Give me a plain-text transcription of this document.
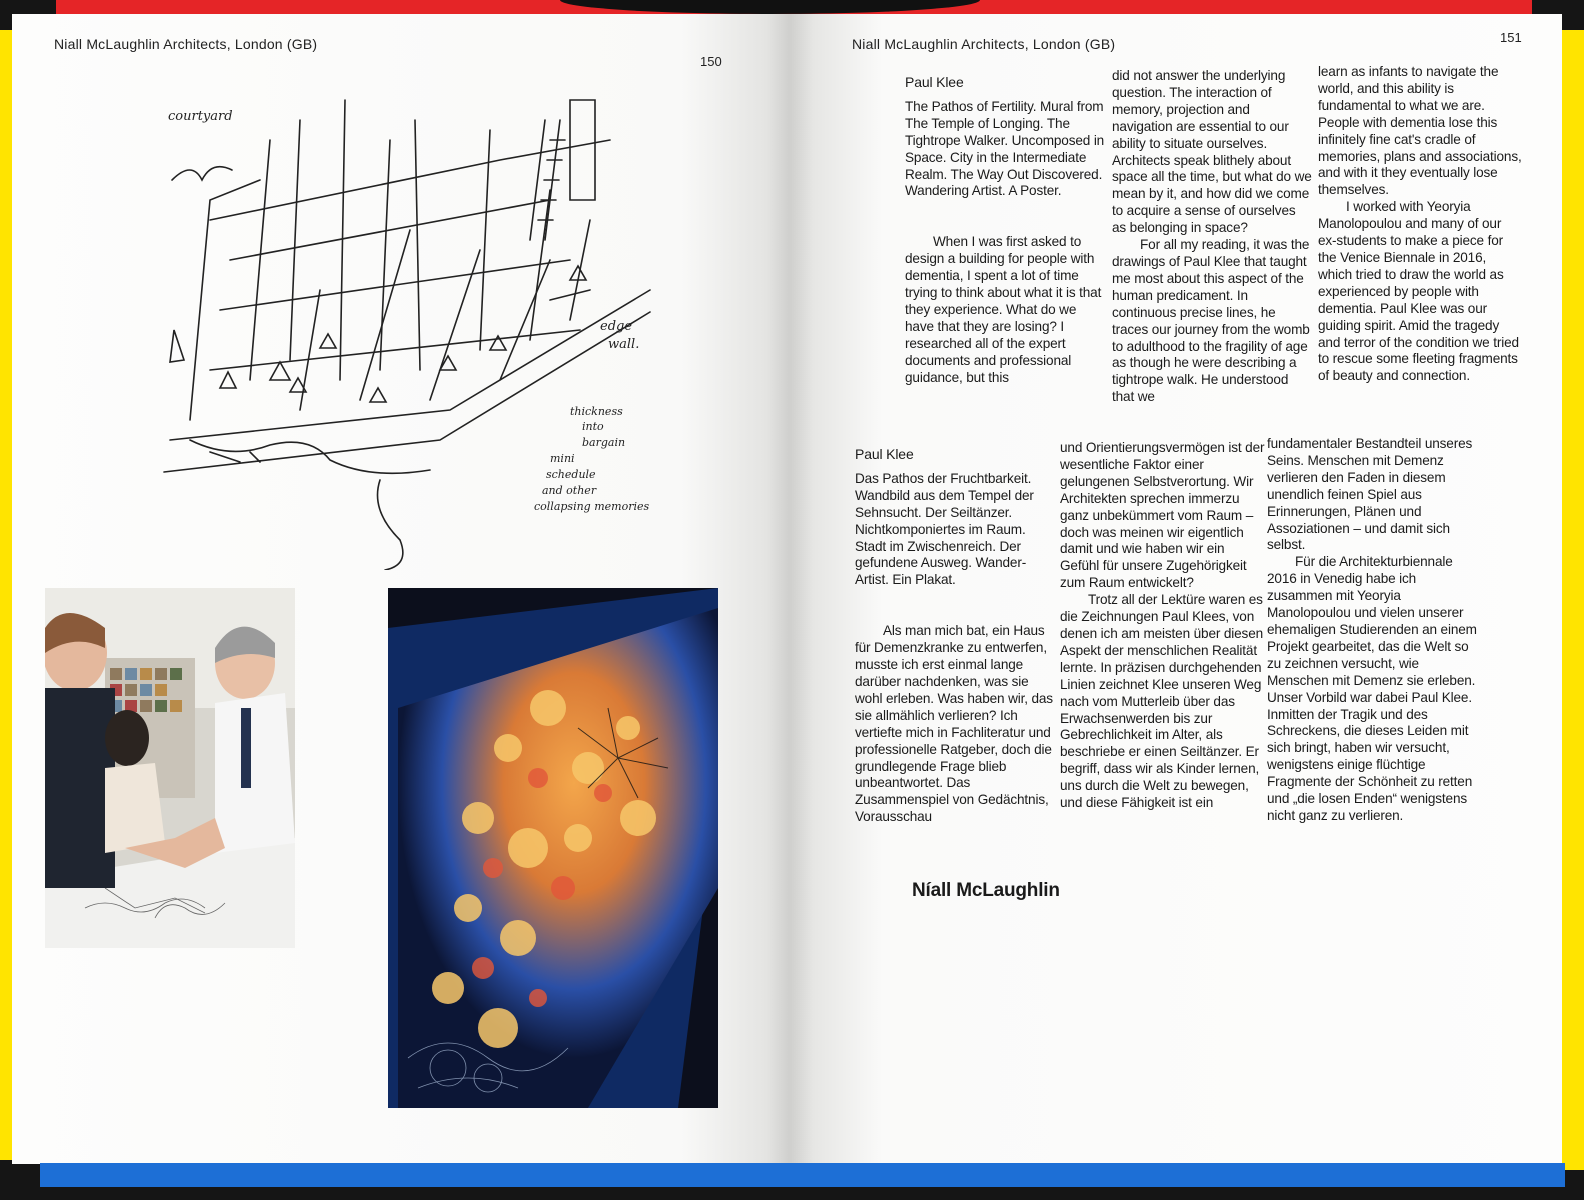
Niall McLaughlin Architects, London (GB)
150
courtyard
edge
wall.
thickness
into
bargain
mini
schedule
and other
collapsing memories
Niall McLaughlin Architects, London (GB)	151

Paul Klee

The Pathos of Fertility. Mural from The Temple of Longing. The Tightrope Walker. Uncomposed in Space. City in the Intermediate Realm. The Way Out Discovered. Wandering Artist. A Poster.

When I was first asked to design a building for people with dementia, I spent a lot of time trying to think about what it is that they experience. What do we have that they are losing? I researched all of the expert documents and professional guidance, but this

did not answer the underlying question. The interaction of memory, projection and navigation are essential to our ability to situate ourselves. Architects speak blithely about space all the time, but what do we mean by it, and how did we come to acquire a sense of ourselves as belonging in space?

For all my reading, it was the drawings of Paul Klee that taught me most about this aspect of the human predicament. In continuous precise lines, he traces our journey from the womb to adulthood to the fragility of age as though he were describing a tightrope walk. He understood that we

learn as infants to navigate the world, and this ability is fundamental to what we are. People with dementia lose this infinitely fine cat's cradle of memories, plans and associations, and with it they eventually lose themselves.

I worked with Yeoryia Manolopoulou and many of our ex-students to make a piece for the Venice Biennale in 2016, which tried to draw the world as experienced by people with dementia. Paul Klee was our guiding spirit. Amid the tragedy and terror of the condition we tried to rescue some fleeting fragments of beauty and connection.

Paul Klee

Das Pathos der Fruchtbarkeit. Wandbild aus dem Tempel der Sehnsucht. Der Seiltänzer. Nichtkomponiertes im Raum. Stadt im Zwischenreich. Der gefundene Ausweg. Wander-Artist. Ein Plakat.

Als man mich bat, ein Haus für Demenzkranke zu entwerfen, musste ich erst einmal lange darüber nachdenken, was sie wohl erleben. Was haben wir, das sie allmählich verlieren? Ich vertiefte mich in Fachliteratur und professionelle Ratgeber, doch die grundlegende Frage blieb unbeantwortet. Das Zusammenspiel von Gedächtnis, Vorausschau

und Orientierungsvermögen ist der wesentliche Faktor einer gelungenen Selbstverortung. Wir Architekten sprechen immerzu ganz unbekümmert vom Raum – doch was meinen wir eigentlich damit und wie haben wir ein Gefühl für unsere Zugehörigkeit zum Raum entwickelt?

Trotz all der Lektüre waren es die Zeichnungen Paul Klees, von denen ich am meisten über diesen Aspekt der menschlichen Realität lernte. In präzisen durchgehenden Linien zeichnet Klee unseren Weg nach vom Mutterleib über das Erwachsenwerden bis zur Gebrechlichkeit im Alter, als beschriebe er einen Seiltänzer. Er begriff, dass wir als Kinder lernen, uns durch die Welt zu bewegen, und diese Fähigkeit ist ein

fundamentaler Bestandteil unseres Seins. Menschen mit Demenz verlieren den Faden in diesem unendlich feinen Spiel aus Erinnerungen, Plänen und Assoziationen – und damit sich selbst.

Für die Architekturbiennale 2016 in Venedig habe ich zusammen mit Yeoryia Manolopoulou und vielen unserer ehemaligen Studierenden an einem Projekt gearbeitet, das die Welt so zu zeichnen versucht, wie Menschen mit Demenz sie erleben. Unser Vorbild war dabei Paul Klee. Inmitten der Tragik und des Schreckens, die dieses Leiden mit sich bringt, haben wir versucht, wenigstens einige flüchtige Fragmente der Schönheit zu retten und „die losen Enden“ wenigstens nicht ganz zu verlieren.

Níall McLaughlin
